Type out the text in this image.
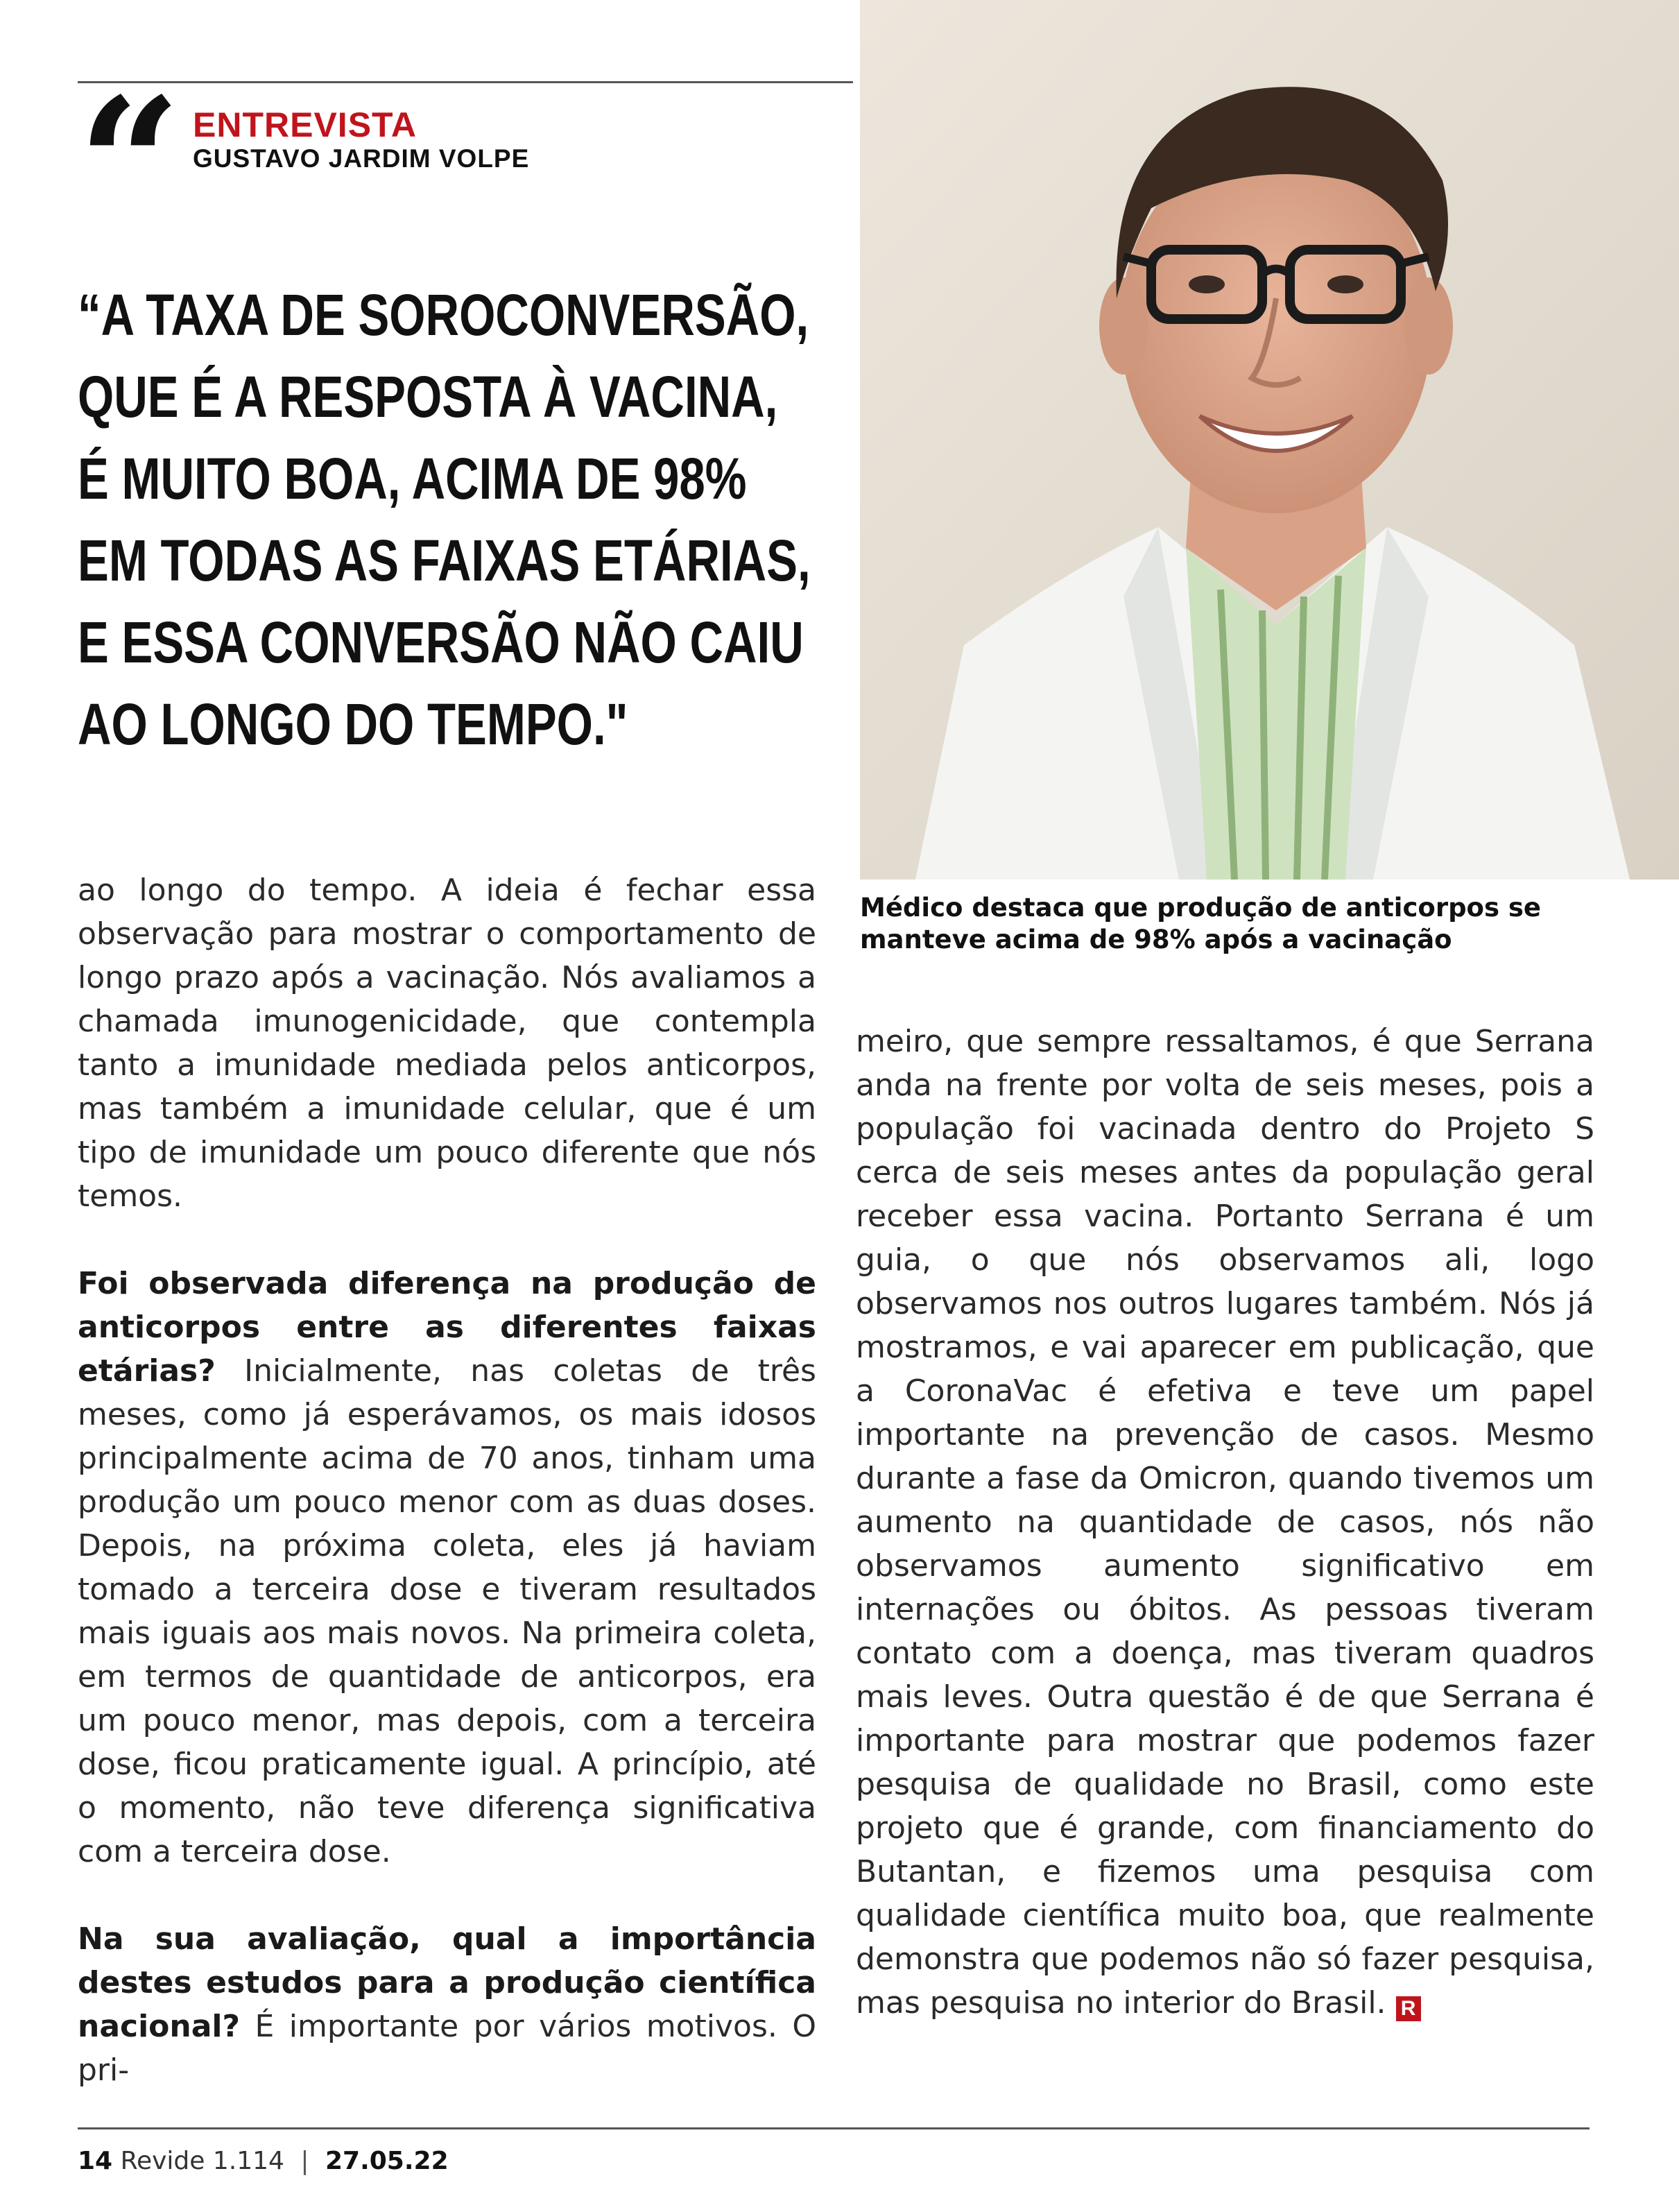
“ ENTREVISTA
GUSTAVO JARDIM VOLPE
“A TAXA DE SOROCONVERSÃO,
QUE É A RESPOSTA À VACINA,
É MUITO BOA, ACIMA DE 98%
EM TODAS AS FAIXAS ETÁRIAS,
E ESSA CONVERSÃO NÃO CAIU
AO LONGO DO TEMPO."
Médico destaca que produção de anticorpos se manteve acima de 98% após a vacinação

ao longo do tempo. A ideia é fechar essa observação para mostrar o comportamento de longo prazo após a vacinação. Nós avaliamos a chamada imunogenicidade, que contempla tanto a imunidade mediada pelos anticorpos, mas também a imunidade celular, que é um tipo de imunidade um pouco diferente que nós temos.

Foi observada diferença na produção de anticorpos entre as diferentes faixas etárias? Inicialmente, nas coletas de três meses, como já esperávamos, os mais idosos principalmente acima de 70 anos, tinham uma produção um pouco menor com as duas doses. Depois, na próxima coleta, eles já haviam tomado a terceira dose e tiveram resultados mais iguais aos mais novos. Na primeira coleta, em termos de quantidade de anticorpos, era um pouco menor, mas depois, com a terceira dose, ficou praticamente igual. A princípio, até o momento, não teve diferença significativa com a terceira dose.

Na sua avaliação, qual a importância destes estudos para a produção científica nacional? É importante por vários motivos. O pri-

meiro, que sempre ressaltamos, é que Serrana anda na frente por volta de seis meses, pois a população foi vacinada dentro do Projeto S cerca de seis meses antes da população geral receber essa vacina. Portanto Serrana é um guia, o que nós observamos ali, logo observamos nos outros lugares também. Nós já mostramos, e vai aparecer em publicação, que a CoronaVac é efetiva e teve um papel importante na prevenção de casos. Mesmo durante a fase da Omicron, quando tivemos um aumento na quantidade de casos, nós não observamos aumento significativo em internações ou óbitos. As pessoas tiveram contato com a doença, mas tiveram quadros mais leves. Outra questão é de que Serrana é importante para mostrar que podemos fazer pesquisa de qualidade no Brasil, como este projeto que é grande, com financiamento do Butantan, e fizemos uma pesquisa com qualidade científica muito boa, que realmente demonstra que podemos não só fazer pesquisa, mas pesquisa no interior do Brasil. R

14 Revide 1.114 | 27.05.22
